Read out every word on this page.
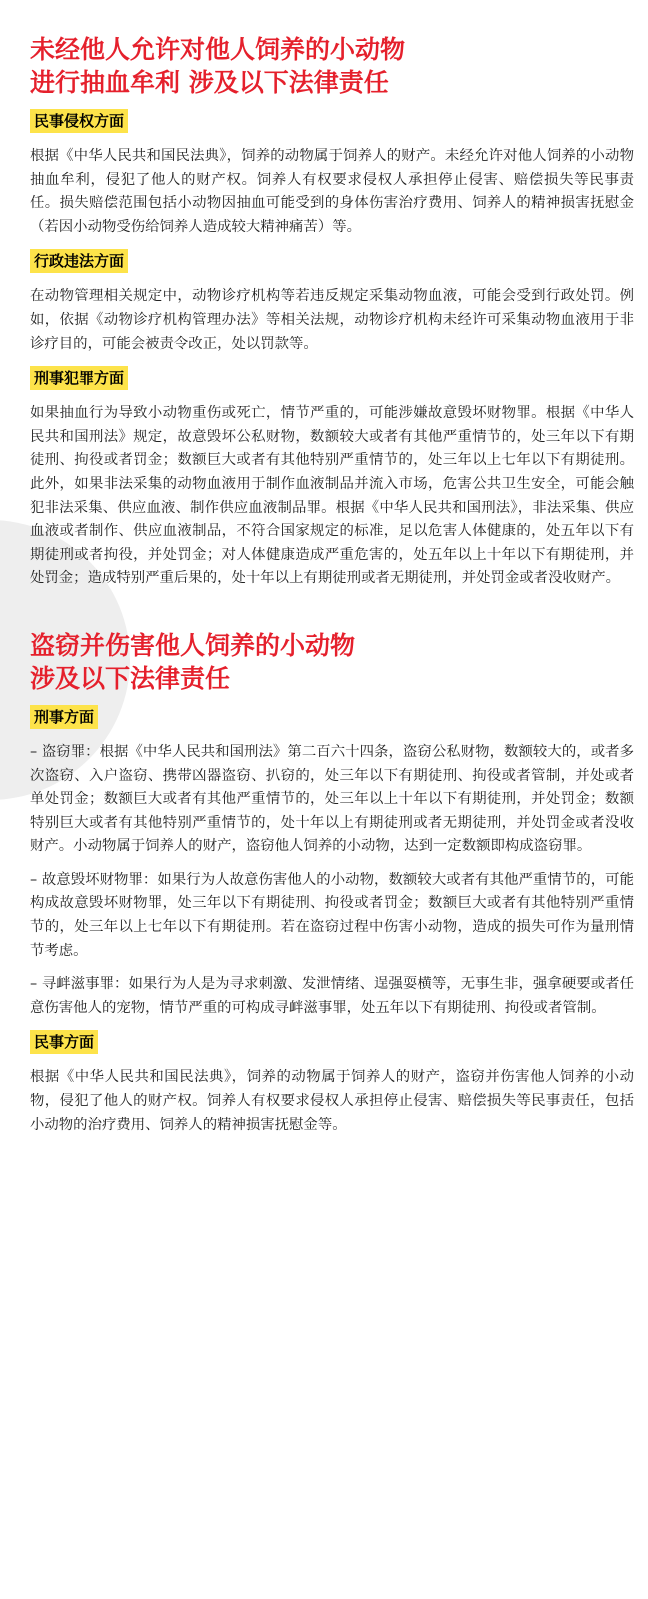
未经他人允许对他人饲养的小动物
进行抽血牟利 涉及以下法律责任
民事侵权方面

根据《中华人民共和国民法典》，饲养的动物属于饲养人的财产。未经允许对他人饲养的小动物抽血牟利，侵犯了他人的财产权。饲养人有权要求侵权人承担停止侵害、赔偿损失等民事责任。损失赔偿范围包括小动物因抽血可能受到的身体伤害治疗费用、饲养人的精神损害抚慰金（若因小动物受伤给饲养人造成较大精神痛苦）等。

行政违法方面

在动物管理相关规定中，动物诊疗机构等若违反规定采集动物血液，可能会受到行政处罚。例如，依据《动物诊疗机构管理办法》等相关法规，动物诊疗机构未经许可采集动物血液用于非诊疗目的，可能会被责令改正，处以罚款等。

刑事犯罪方面

如果抽血行为导致小动物重伤或死亡，情节严重的，可能涉嫌故意毁坏财物罪。根据《中华人民共和国刑法》规定，故意毁坏公私财物，数额较大或者有其他严重情节的，处三年以下有期徒刑、拘役或者罚金；数额巨大或者有其他特别严重情节的，处三年以上七年以下有期徒刑。此外，如果非法采集的动物血液用于制作血液制品并流入市场，危害公共卫生安全，可能会触犯非法采集、供应血液、制作供应血液制品罪。根据《中华人民共和国刑法》，非法采集、供应血液或者制作、供应血液制品，不符合国家规定的标准，足以危害人体健康的，处五年以下有期徒刑或者拘役，并处罚金；对人体健康造成严重危害的，处五年以上十年以下有期徒刑，并处罚金；造成特别严重后果的，处十年以上有期徒刑或者无期徒刑，并处罚金或者没收财产。

盗窃并伤害他人饲养的小动物
涉及以下法律责任
刑事方面

– 盗窃罪：根据《中华人民共和国刑法》第二百六十四条，盗窃公私财物，数额较大的，或者多次盗窃、入户盗窃、携带凶器盗窃、扒窃的，处三年以下有期徒刑、拘役或者管制，并处或者单处罚金；数额巨大或者有其他严重情节的，处三年以上十年以下有期徒刑，并处罚金；数额特别巨大或者有其他特别严重情节的，处十年以上有期徒刑或者无期徒刑，并处罚金或者没收财产。小动物属于饲养人的财产，盗窃他人饲养的小动物，达到一定数额即构成盗窃罪。

– 故意毁坏财物罪：如果行为人故意伤害他人的小动物，数额较大或者有其他严重情节的，可能构成故意毁坏财物罪，处三年以下有期徒刑、拘役或者罚金；数额巨大或者有其他特别严重情节的，处三年以上七年以下有期徒刑。若在盗窃过程中伤害小动物，造成的损失可作为量刑情节考虑。

– 寻衅滋事罪：如果行为人是为寻求刺激、发泄情绪、逞强耍横等，无事生非，强拿硬要或者任意伤害他人的宠物，情节严重的可构成寻衅滋事罪，处五年以下有期徒刑、拘役或者管制。

民事方面

根据《中华人民共和国民法典》，饲养的动物属于饲养人的财产，盗窃并伤害他人饲养的小动物，侵犯了他人的财产权。饲养人有权要求侵权人承担停止侵害、赔偿损失等民事责任，包括小动物的治疗费用、饲养人的精神损害抚慰金等。
